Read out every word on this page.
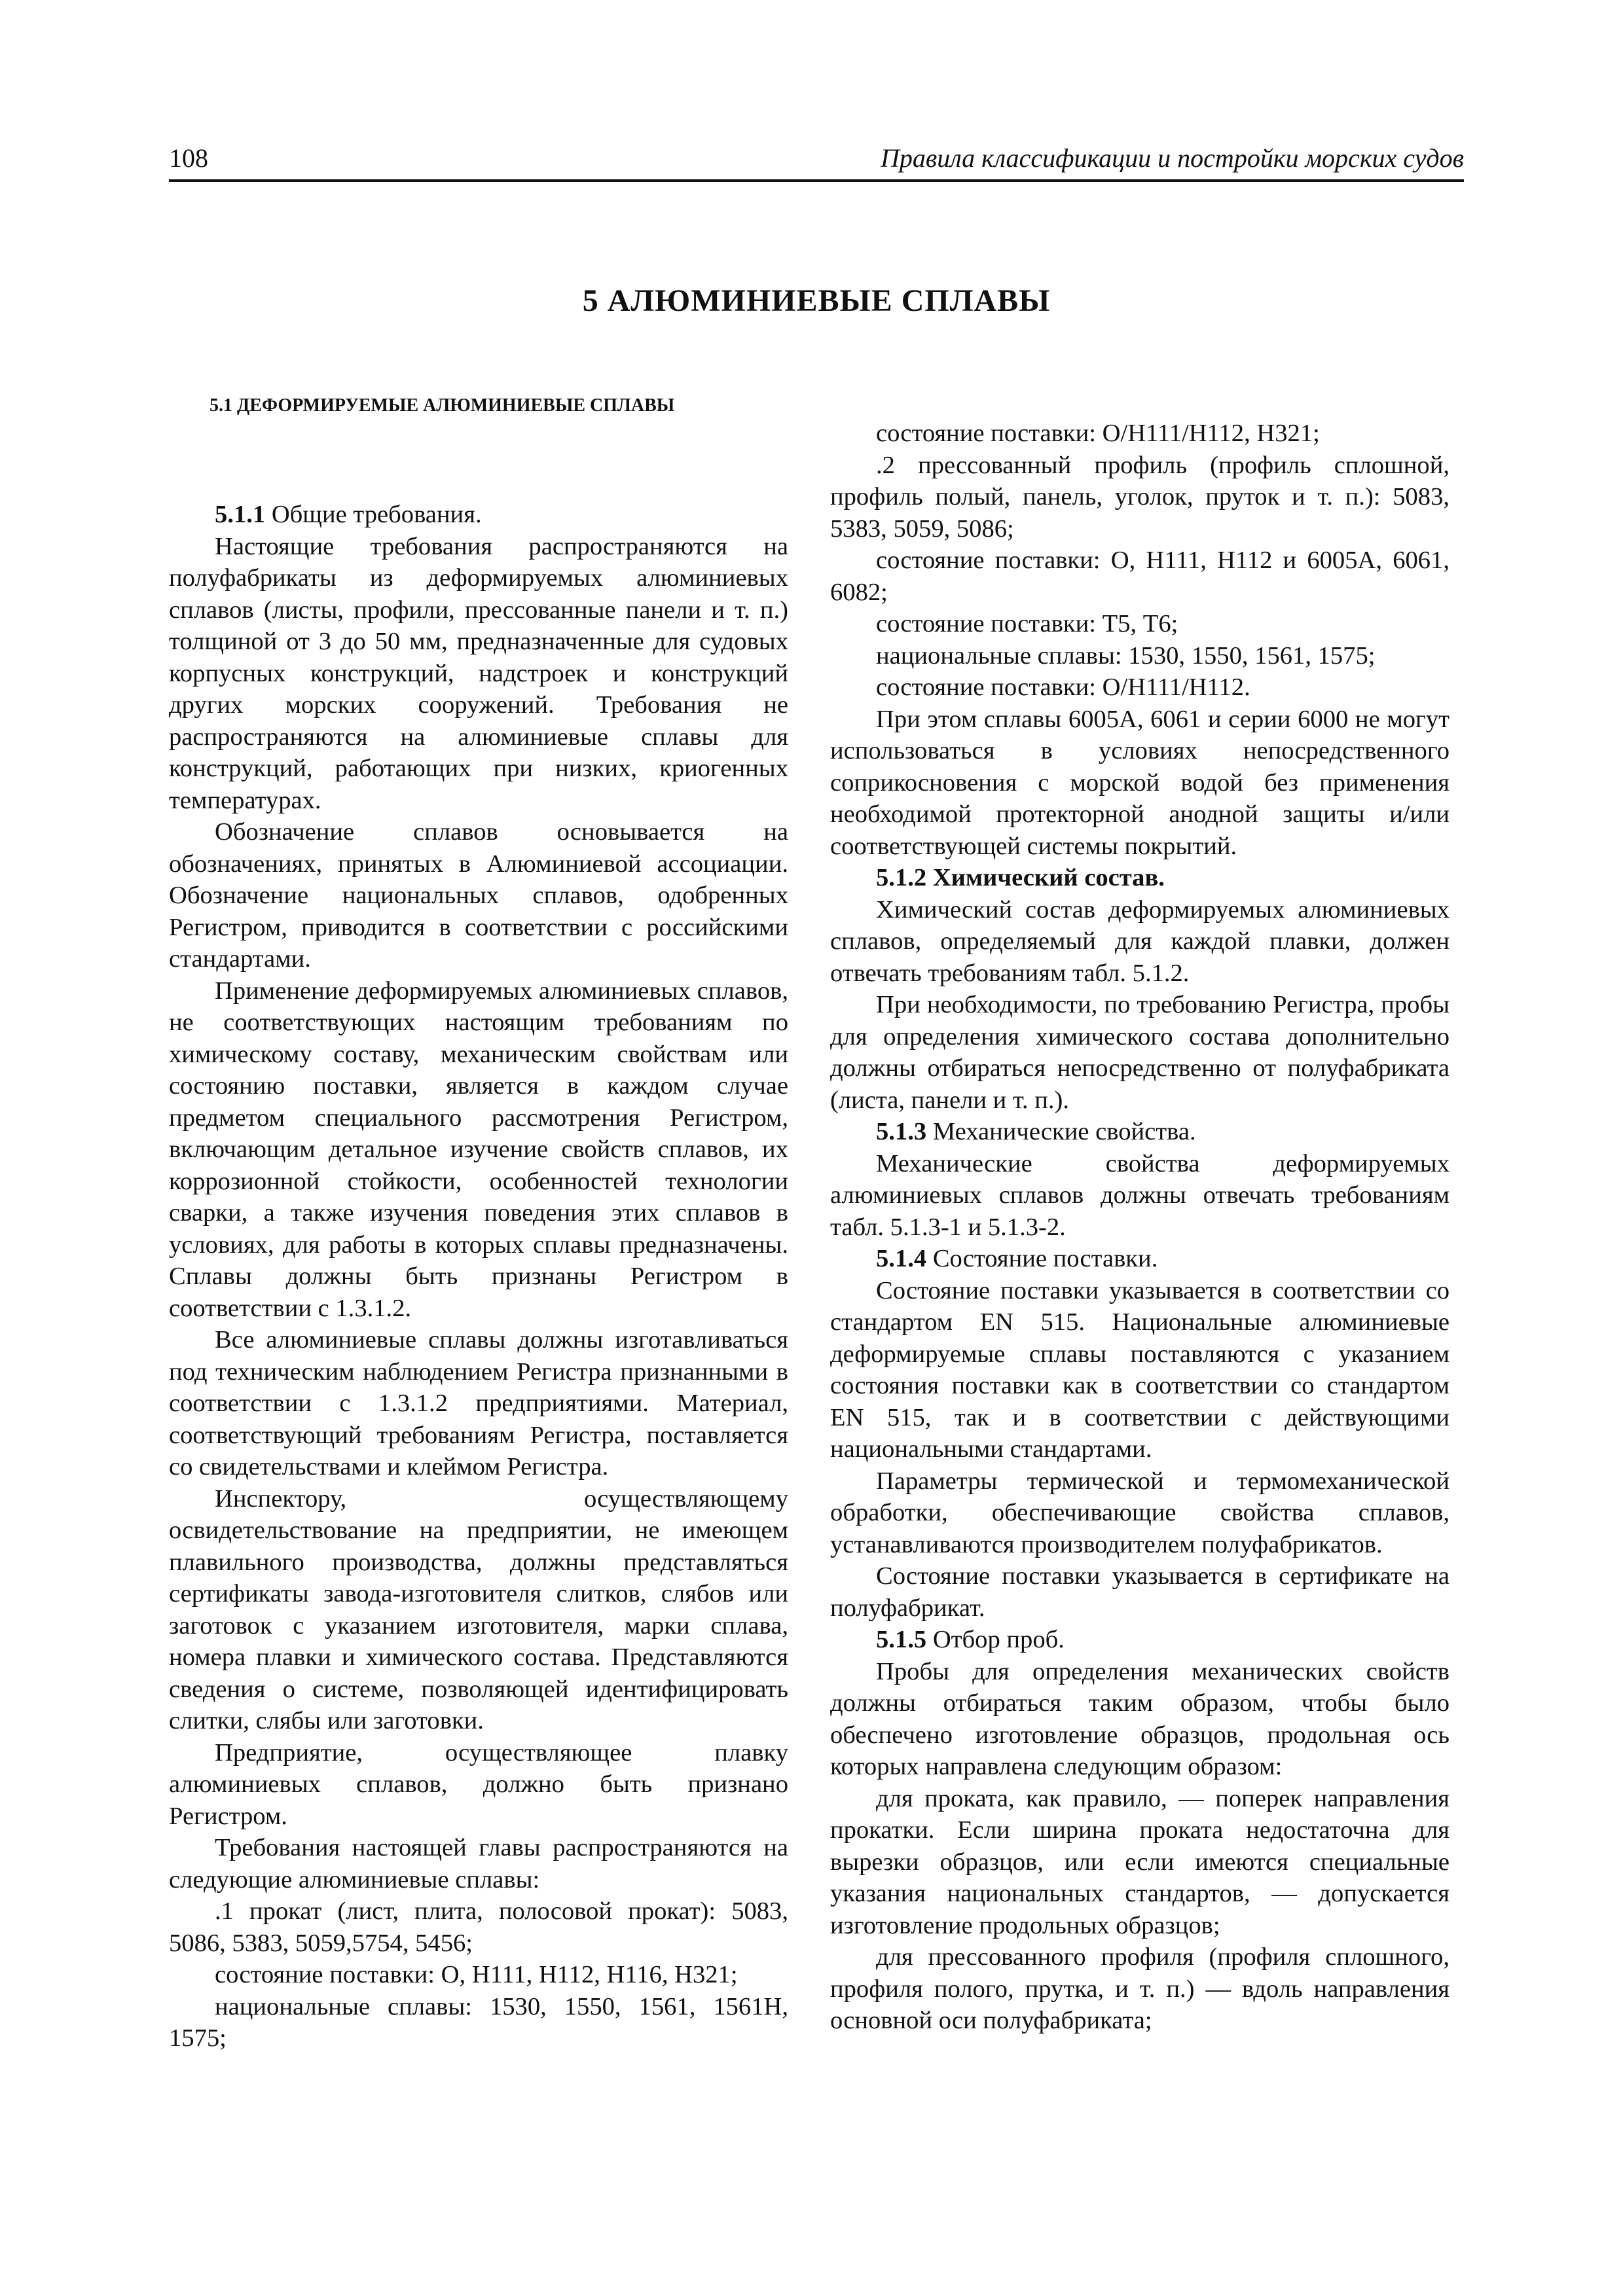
108	Правила классификации и постройки морских судов
5 АЛЮМИНИЕВЫЕ СПЛАВЫ
5.1 ДЕФОРМИРУЕМЫЕ АЛЮМИНИЕВЫЕ СПЛАВЫ

5.1.1 Общие требования.

Настоящие требования распространяются на полуфабрикаты из деформируемых алюминиевых сплавов (листы, профили, прессованные панели и т. п.) толщиной от 3 до 50 мм, предназначенные для судовых корпусных конструкций, надстроек и конструкций других морских сооружений. Требования не распространяются на алюминиевые сплавы для конструкций, работающих при низких, криогенных температурах.

Обозначение сплавов основывается на обозначениях, принятых в Алюминиевой ассоциации. Обозначение национальных сплавов, одобренных Регистром, приводится в соответствии с российскими стандартами.

Применение деформируемых алюминиевых сплавов, не соответствующих настоящим требованиям по химическому составу, механическим свойствам или состоянию поставки, является в каждом случае предметом специального рассмотрения Регистром, включающим детальное изучение свойств сплавов, их коррозионной стойкости, особенностей технологии сварки, а также изучения поведения этих сплавов в условиях, для работы в которых сплавы предназначены. Сплавы должны быть признаны Регистром в соответствии с 1.3.1.2.

Все алюминиевые сплавы должны изготавливаться под техническим наблюдением Регистра признанными в соответствии с 1.3.1.2 предприятиями. Материал, соответствующий требованиям Регистра, поставляется со свидетельствами и клеймом Регистра.

Инспектору, осуществляющему освидетельствование на предприятии, не имеющем плавильного производства, должны представляться сертификаты завода-изготовителя слитков, слябов или заготовок с указанием изготовителя, марки сплава, номера плавки и химического состава. Представляются сведения о системе, позволяющей идентифицировать слитки, слябы или заготовки.

Предприятие, осуществляющее плавку алюминиевых сплавов, должно быть признано Регистром.

Требования настоящей главы распространяются на следующие алюминиевые сплавы:

.1 прокат (лист, плита, полосовой прокат): 5083, 5086, 5383, 5059,5754, 5456;

состояние поставки: О, Н111, Н112, Н116, Н321;

национальные сплавы: 1530, 1550, 1561, 1561Н, 1575;

состояние поставки: O/H111/H112, H321;

.2 прессованный профиль (профиль сплошной, профиль полый, панель, уголок, пруток и т. п.): 5083, 5383, 5059, 5086;

состояние поставки: О, Н111, Н112 и 6005А, 6061, 6082;

состояние поставки: Т5, Т6;

национальные сплавы: 1530, 1550, 1561, 1575;

состояние поставки: O/H111/H112.

При этом сплавы 6005А, 6061 и серии 6000 не могут использоваться в условиях непосредственного соприкосновения с морской водой без применения необходимой протекторной анодной защиты и/или соответствующей системы покрытий.

5.1.2 Химический состав.

Химический состав деформируемых алюминиевых сплавов, определяемый для каждой плавки, должен отвечать требованиям табл. 5.1.2.

При необходимости, по требованию Регистра, пробы для определения химического состава дополнительно должны отбираться непосредственно от полуфабриката (листа, панели и т. п.).

5.1.3 Механические свойства.

Механические свойства деформируемых алюминиевых сплавов должны отвечать требованиям табл. 5.1.3-1 и 5.1.3-2.

5.1.4 Состояние поставки.

Состояние поставки указывается в соответствии со стандартом EN 515. Национальные алюминиевые деформируемые сплавы поставляются с указанием состояния поставки как в соответствии со стандартом EN 515, так и в соответствии с действующими национальными стандартами.

Параметры термической и термомеханической обработки, обеспечивающие свойства сплавов, устанавливаются производителем полуфабрикатов.

Состояние поставки указывается в сертификате на полуфабрикат.

5.1.5 Отбор проб.

Пробы для определения механических свойств должны отбираться таким образом, чтобы было обеспечено изготовление образцов, продольная ось которых направлена следующим образом:

для проката, как правило, — поперек направления прокатки. Если ширина проката недостаточна для вырезки образцов, или если имеются специальные указания национальных стандартов, — допускается изготовление продольных образцов;

для прессованного профиля (профиля сплошного, профиля полого, прутка, и т. п.) — вдоль направления основной оси полуфабриката;
